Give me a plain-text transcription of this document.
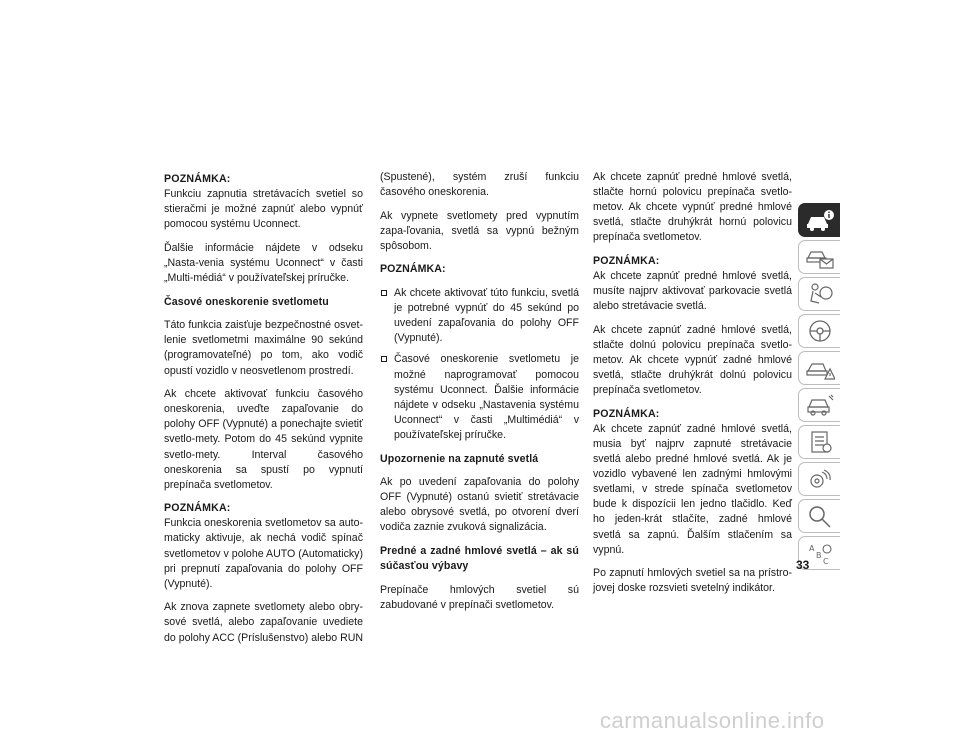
POZNÁMKA:
Funkciu zapnutia stretávacích svetiel so stieračmi je možné zapnúť alebo vypnúť pomocou systému Uconnect.

Ďalšie informácie nájdete v odseku „Nasta-venia systému Uconnect“ v časti „Multi-médiá“ v používateľskej príručke.

Časové oneskorenie svetlometu

Táto funkcia zaisťuje bezpečnostné osvet-lenie svetlometmi maximálne 90 sekúnd (programovateľné) po tom, ako vodič opustí vozidlo v neosvetlenom prostredí.

Ak chcete aktivovať funkciu časového oneskorenia, uveďte zapaľovanie do polohy OFF (Vypnuté) a ponechajte svietiť svetlo-mety. Potom do 45 sekúnd vypnite svetlo-mety. Interval časového oneskorenia sa spustí po vypnutí prepínača svetlometov.

POZNÁMKA:
Funkcia oneskorenia svetlometov sa auto-maticky aktivuje, ak nechá vodič spínač svetlometov v polohe AUTO (Automaticky) pri prepnutí zapaľovania do polohy OFF (Vypnuté).

Ak znova zapnete svetlomety alebo obry-sové svetlá, alebo zapaľovanie uvediete do polohy ACC (Príslušenstvo) alebo RUN

(Spustené), systém zruší funkciu časového oneskorenia.

Ak vypnete svetlomety pred vypnutím zapa-ľovania, svetlá sa vypnú bežným spôsobom.

POZNÁMKA:

Ak chcete aktivovať túto funkciu, svetlá je potrebné vypnúť do 45 sekúnd po uvedení zapaľovania do polohy OFF (Vypnuté).
Časové oneskorenie svetlometu je možné naprogramovať pomocou systému Uconnect. Ďalšie informácie nájdete v odseku „Nastavenia systému Uconnect“ v časti „Multimédiá“ v používateľskej príručke.

Upozornenie na zapnuté svetlá

Ak po uvedení zapaľovania do polohy OFF (Vypnuté) ostanú svietiť stretávacie alebo obrysové svetlá, po otvorení dverí vodiča zaznie zvuková signalizácia.

Predné a zadné hmlové svetlá – ak sú súčasťou výbavy

Prepínače hmlových svetiel sú zabudované v prepínači svetlometov.

Ak chcete zapnúť predné hmlové svetlá, stlačte hornú polovicu prepínača svetlo-metov. Ak chcete vypnúť predné hmlové svetlá, stlačte druhýkrát hornú polovicu prepínača svetlometov.

POZNÁMKA:
Ak chcete zapnúť predné hmlové svetlá, musíte najprv aktivovať parkovacie svetlá alebo stretávacie svetlá.

Ak chcete zapnúť zadné hmlové svetlá, stlačte dolnú polovicu prepínača svetlo-metov. Ak chcete vypnúť zadné hmlové svetlá, stlačte druhýkrát dolnú polovicu prepínača svetlometov.

POZNÁMKA:
Ak chcete zapnúť zadné hmlové svetlá, musia byť najprv zapnuté stretávacie svetlá alebo predné hmlové svetlá. Ak je vozidlo vybavené len zadnými hmlovými svetlami, v strede spínača svetlometov bude k dispozícii len jedno tlačidlo. Keď ho jeden-krát stlačíte, zadné hmlové svetlá sa zapnú. Ďalším stlačením sa vypnú.

Po zapnutí hmlových svetiel sa na prístro-jovej doske rozsvieti svetelný indikátor.

A
B
C
33
carmanualsonline.info
